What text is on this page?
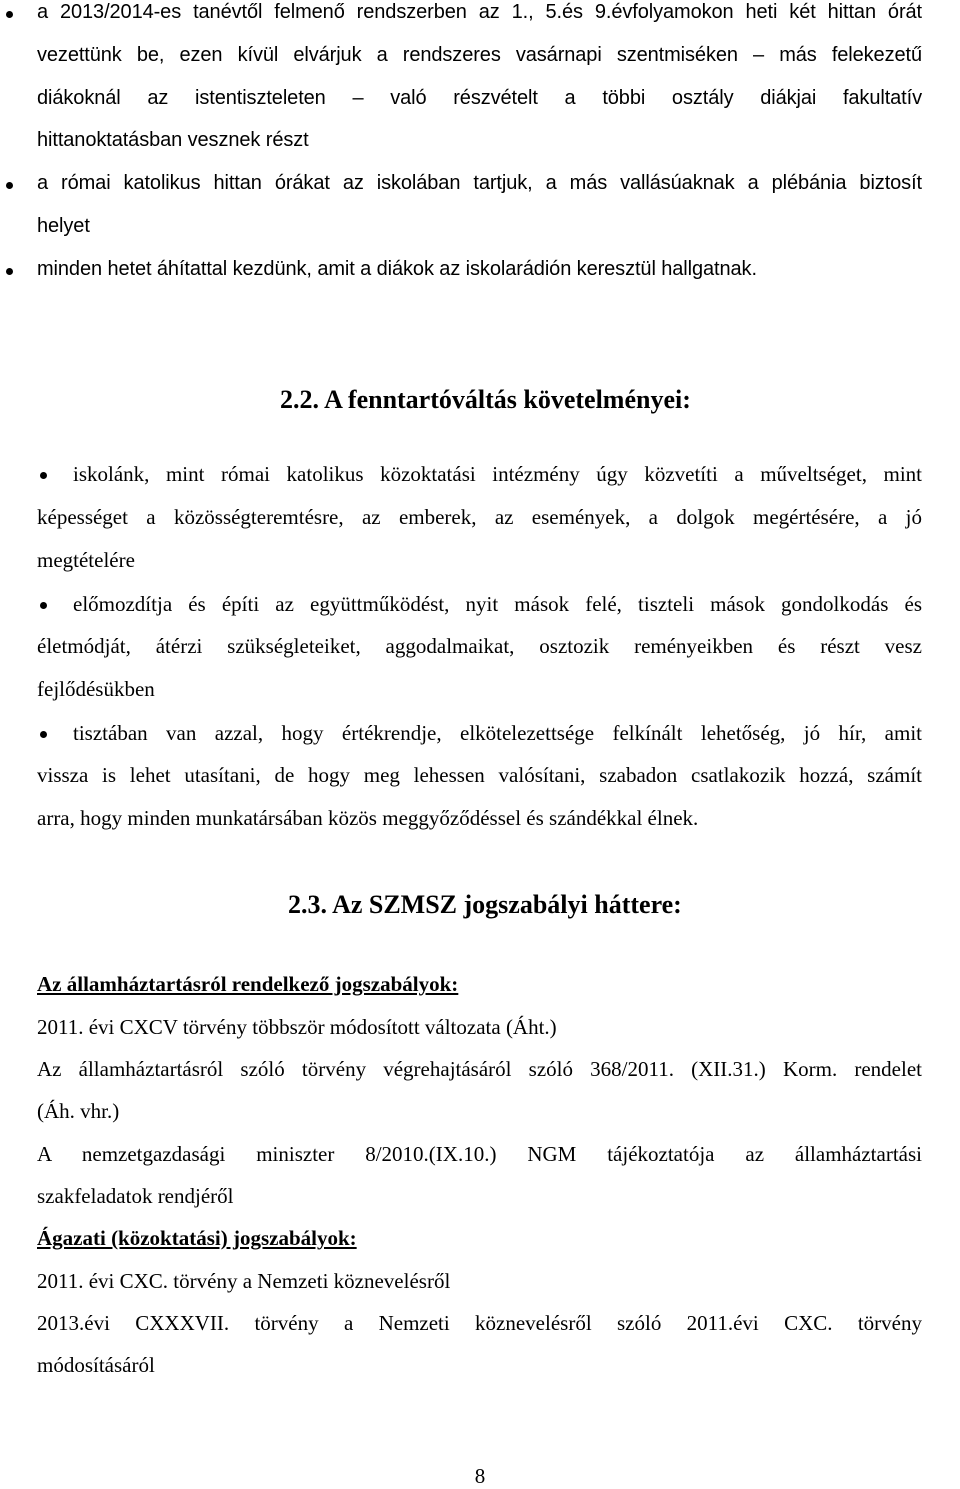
a 2013/2014-es tanévtől felmenő rendszerben az 1., 5.és 9.évfolyamokon heti két hittan órát
vezettünk be, ezen kívül elvárjuk a rendszeres vasárnapi szentmiséken – más felekezetű
diákoknál az istentiszteleten – való részvételt a többi osztály diákjai fakultatív
hittanoktatásban vesznek részt
a római katolikus hittan órákat az iskolában tartjuk, a más vallásúaknak a plébánia biztosít
helyet
minden hetet áhítattal kezdünk, amit a diákok az iskolarádión keresztül hallgatnak.
2.2. A fenntartóváltás követelményei:
iskolánk, mint római katolikus közoktatási intézmény úgy közvetíti a műveltséget, mint
képességet a közösségteremtésre, az emberek, az események, a dolgok megértésére, a jó
megtételére
előmozdítja és építi az együttműködést, nyit mások felé, tiszteli mások gondolkodás és
életmódját, átérzi szükségleteiket, aggodalmaikat, osztozik reményeikben és részt vesz
fejlődésükben
tisztában van azzal, hogy értékrendje, elkötelezettsége felkínált lehetőség, jó hír, amit
vissza is lehet utasítani, de hogy meg lehessen valósítani, szabadon csatlakozik hozzá, számít
arra, hogy minden munkatársában közös meggyőződéssel és szándékkal élnek.
2.3. Az SZMSZ jogszabályi háttere:
Az államháztartásról rendelkező jogszabályok:
2011. évi CXCV törvény többször módosított változata (Áht.)
Az államháztartásról szóló törvény végrehajtásáról szóló 368/2011. (XII.31.) Korm. rendelet
(Áh. vhr.)
A nemzetgazdasági miniszter 8/2010.(IX.10.) NGM tájékoztatója az államháztartási
szakfeladatok rendjéről
Ágazati (közoktatási) jogszabályok:
2011. évi CXC. törvény a Nemzeti köznevelésről
2013.évi CXXXVII. törvény a Nemzeti köznevelésről szóló 2011.évi CXC. törvény
módosításáról
8
